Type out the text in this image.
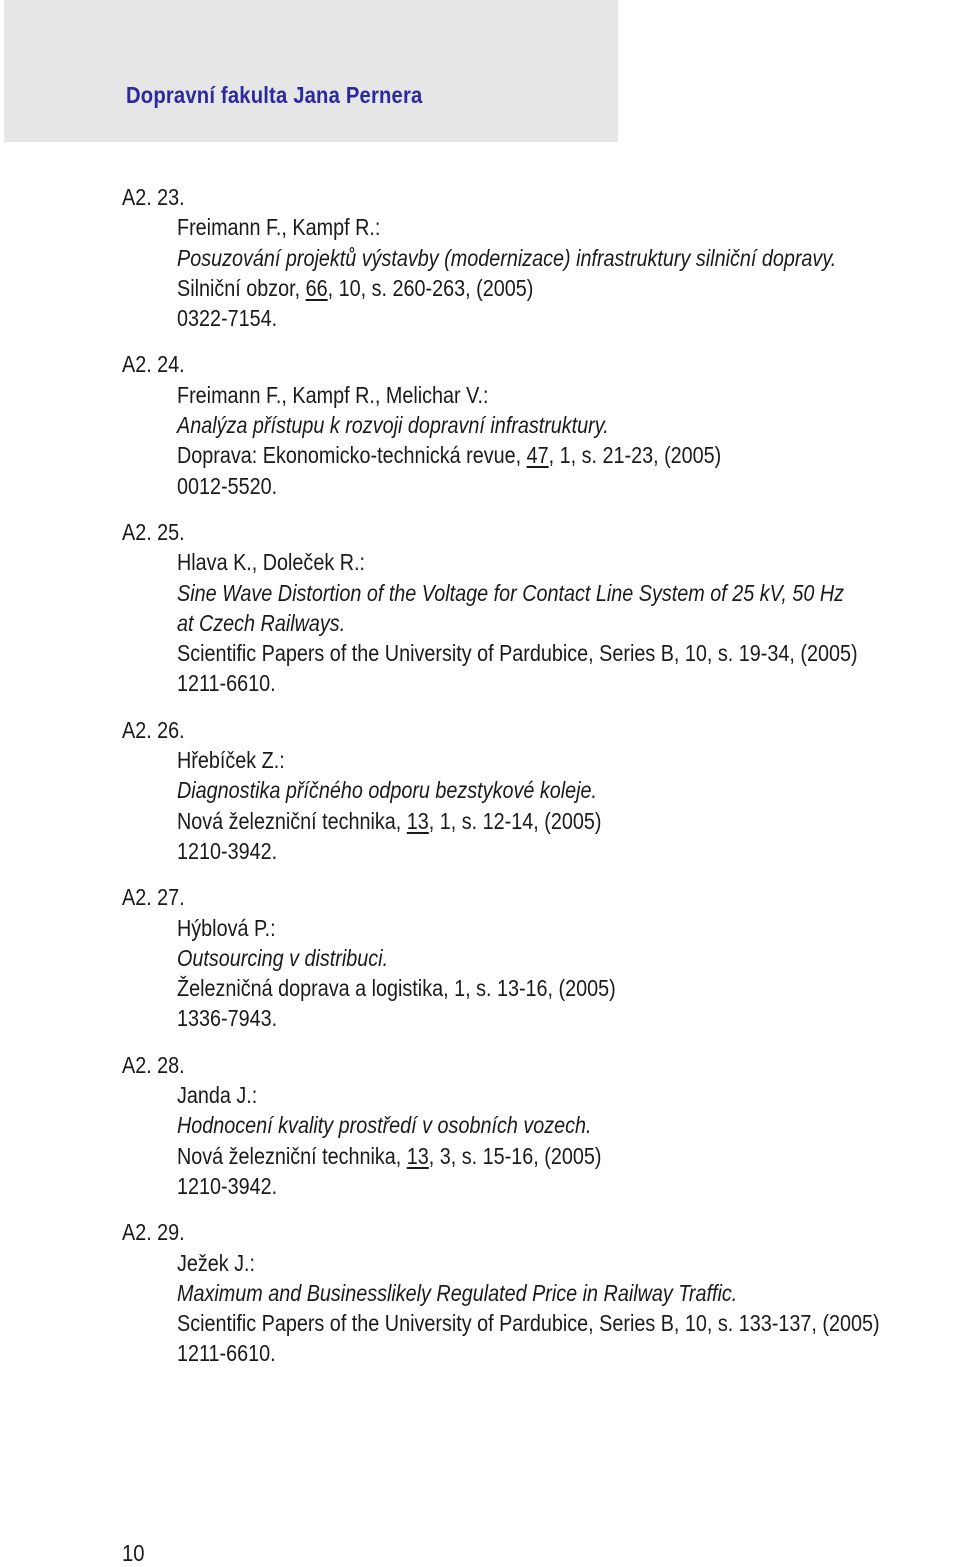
Dopravní fakulta Jana Pernera
A2. 23.
Freimann F., Kampf R.:
Posuzování projektů výstavby (modernizace) infrastruktury silniční dopravy.
Silniční obzor, 66, 10, s. 260-263, (2005)
0322-7154.
A2. 24.
Freimann F., Kampf R., Melichar V.:
Analýza přístupu k rozvoji dopravní infrastruktury.
Doprava: Ekonomicko-technická revue, 47, 1, s. 21-23, (2005)
0012-5520.
A2. 25.
Hlava K., Doleček R.:
Sine Wave Distortion of the Voltage for Contact Line System of 25 kV, 50 Hz
at Czech Railways.
Scientific Papers of the University of Pardubice, Series B, 10, s. 19-34, (2005)
1211-6610.
A2. 26.
Hřebíček Z.:
Diagnostika příčného odporu bezstykové koleje.
Nová železniční technika, 13, 1, s. 12-14, (2005)
1210-3942.
A2. 27.
Hýblová P.:
Outsourcing v distribuci.
Železničná doprava a logistika, 1, s. 13-16, (2005)
1336-7943.
A2. 28.
Janda J.:
Hodnocení kvality prostředí v osobních vozech.
Nová železniční technika, 13, 3, s. 15-16, (2005)
1210-3942.
A2. 29.
Ježek J.:
Maximum and Businesslikely Regulated Price in Railway Traffic.
Scientific Papers of the University of Pardubice, Series B, 10, s. 133-137, (2005)
1211-6610.
10
